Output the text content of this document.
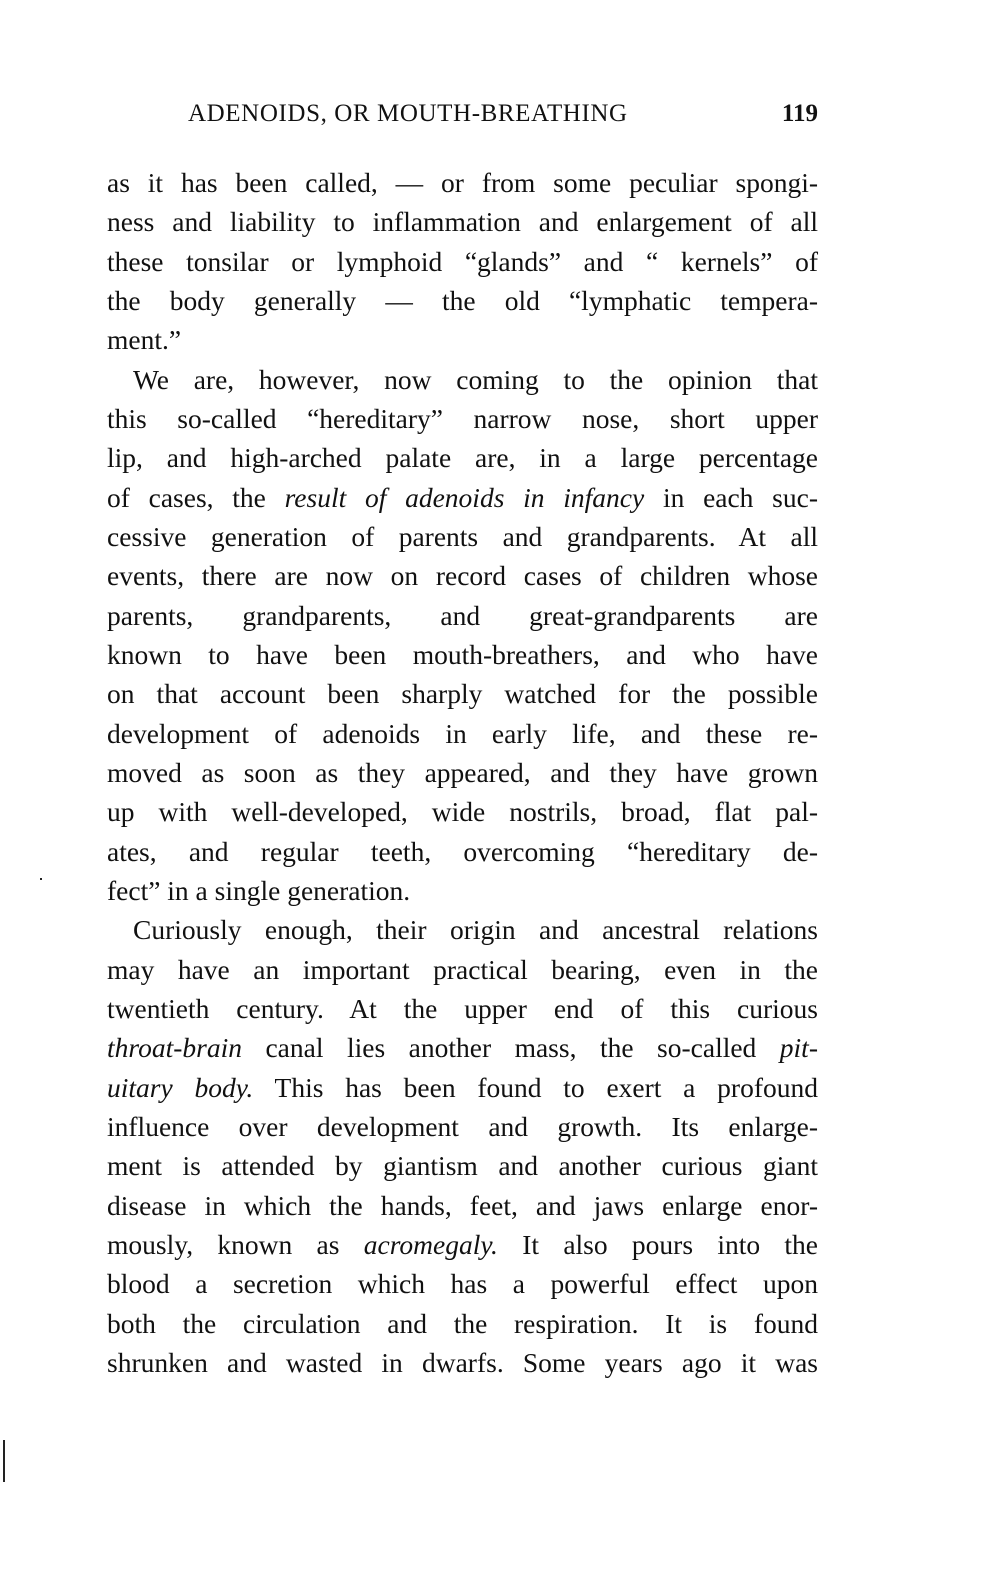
ADENOIDS, OR MOUTH-BREATHING	119
as it has been called, — or from some peculiar spongi-
ness and liability to inflammation and enlargement of all
these tonsilar or lymphoid “glands” and “ kernels” of
the body generally — the old “lymphatic tempera-
ment.”
We are, however, now coming to the opinion that
this so-called “hereditary” narrow nose, short upper
lip, and high-arched palate are, in a large percentage
of cases, the result of adenoids in infancy in each suc-
cessive generation of parents and grandparents. At all
events, there are now on record cases of children whose
parents, grandparents, and great-grandparents are
known to have been mouth-breathers, and who have
on that account been sharply watched for the possible
development of adenoids in early life, and these re-
moved as soon as they appeared, and they have grown
up with well-developed, wide nostrils, broad, flat pal-
ates, and regular teeth, overcoming “hereditary de-
fect” in a single generation.
Curiously enough, their origin and ancestral relations
may have an important practical bearing, even in the
twentieth century. At the upper end of this curious
throat-brain canal lies another mass, the so-called pit-
uitary body. This has been found to exert a profound
influence over development and growth. Its enlarge-
ment is attended by giantism and another curious giant
disease in which the hands, feet, and jaws enlarge enor-
mously, known as acromegaly. It also pours into the
blood a secretion which has a powerful effect upon
both the circulation and the respiration. It is found
shrunken and wasted in dwarfs. Some years ago it was
